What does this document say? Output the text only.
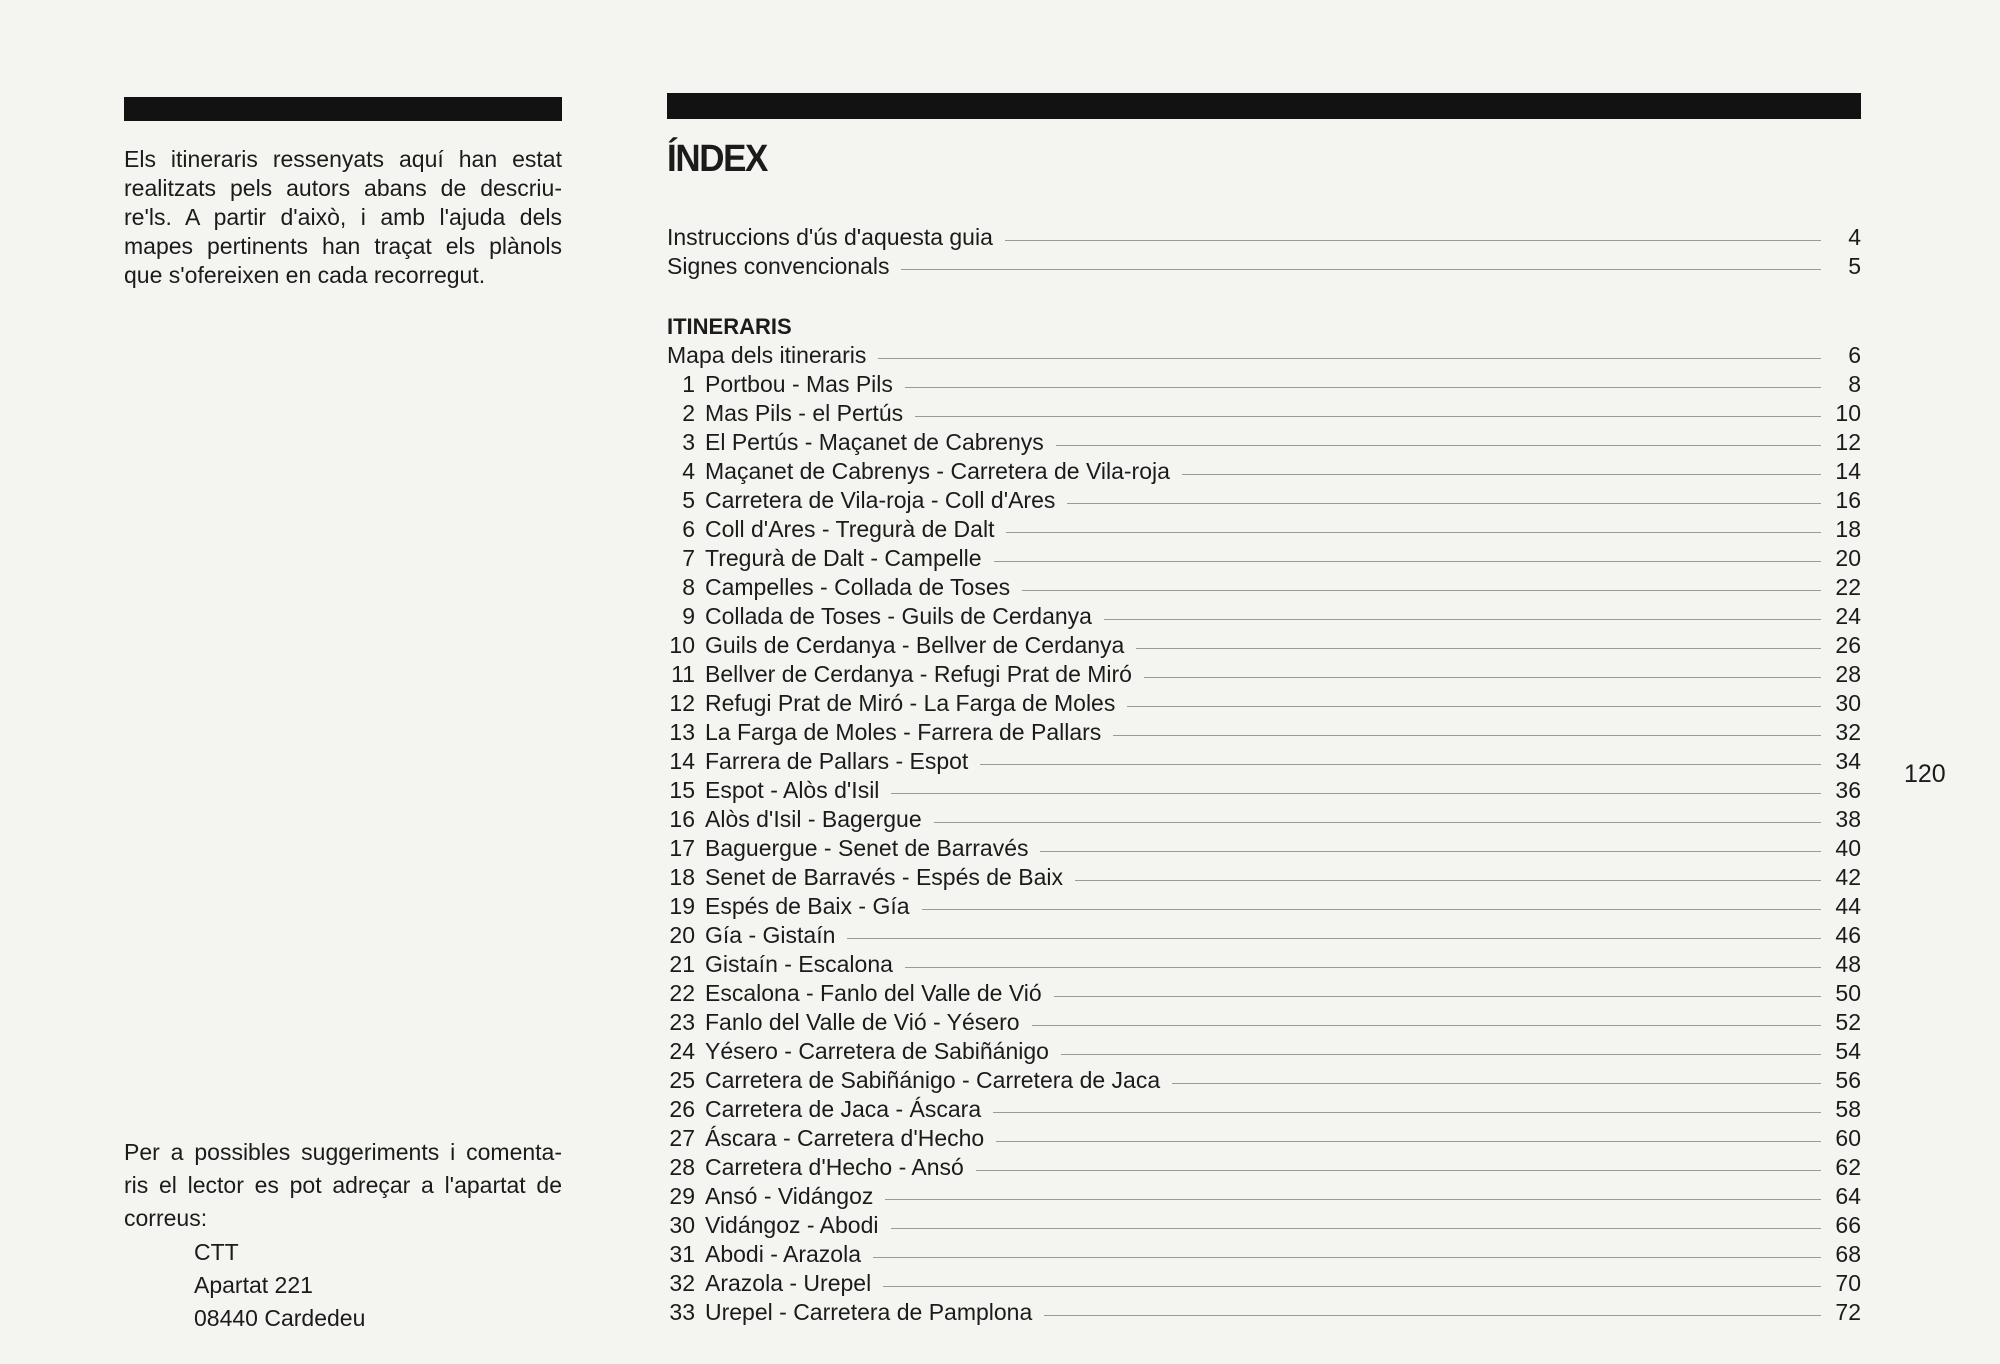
Els itineraris ressenyats aquí han estat realitzats pels autors abans de descriu-re'ls. A partir d'això, i amb l'ajuda dels mapes pertinents han traçat els plànols que s'ofereixen en cada recorregut.

Per a possibles suggeriments i comenta-ris el lector es pot adreçar a l'apartat de correus:
CTT
Apartat 221
08440 Cardedeu
ÍNDEX
Instruccions d'ús d'aquesta guia	4
Signes convencionals	5
ITINERARIS
Mapa dels itineraris	6
1 Portbou - Mas Pils	8
2 Mas Pils - el Pertús	10
3 El Pertús - Maçanet de Cabrenys	12
4 Maçanet de Cabrenys - Carretera de Vila-roja	14
5 Carretera de Vila-roja - Coll d'Ares	16
6 Coll d'Ares - Tregurà de Dalt	18
7 Tregurà de Dalt - Campelle	20
8 Campelles - Collada de Toses	22
9 Collada de Toses - Guils de Cerdanya	24
10 Guils de Cerdanya - Bellver de Cerdanya	26
11 Bellver de Cerdanya - Refugi Prat de Miró	28
12 Refugi Prat de Miró - La Farga de Moles	30
13 La Farga de Moles - Farrera de Pallars	32
14 Farrera de Pallars - Espot	34
15 Espot - Alòs d'Isil	36
16 Alòs d'Isil - Bagergue	38
17 Baguergue - Senet de Barravés	40
18 Senet de Barravés - Espés de Baix	42
19 Espés de Baix - Gía	44
20 Gía - Gistaín	46
21 Gistaín - Escalona	48
22 Escalona - Fanlo del Valle de Vió	50
23 Fanlo del Valle de Vió - Yésero	52
24 Yésero - Carretera de Sabiñánigo	54
25 Carretera de Sabiñánigo - Carretera de Jaca	56
26 Carretera de Jaca - Áscara	58
27 Áscara - Carretera d'Hecho	60
28 Carretera d'Hecho - Ansó	62
29 Ansó - Vidángoz	64
30 Vidángoz - Abodi	66
31 Abodi - Arazola	68
32 Arazola - Urepel	70
33 Urepel - Carretera de Pamplona	72
120
